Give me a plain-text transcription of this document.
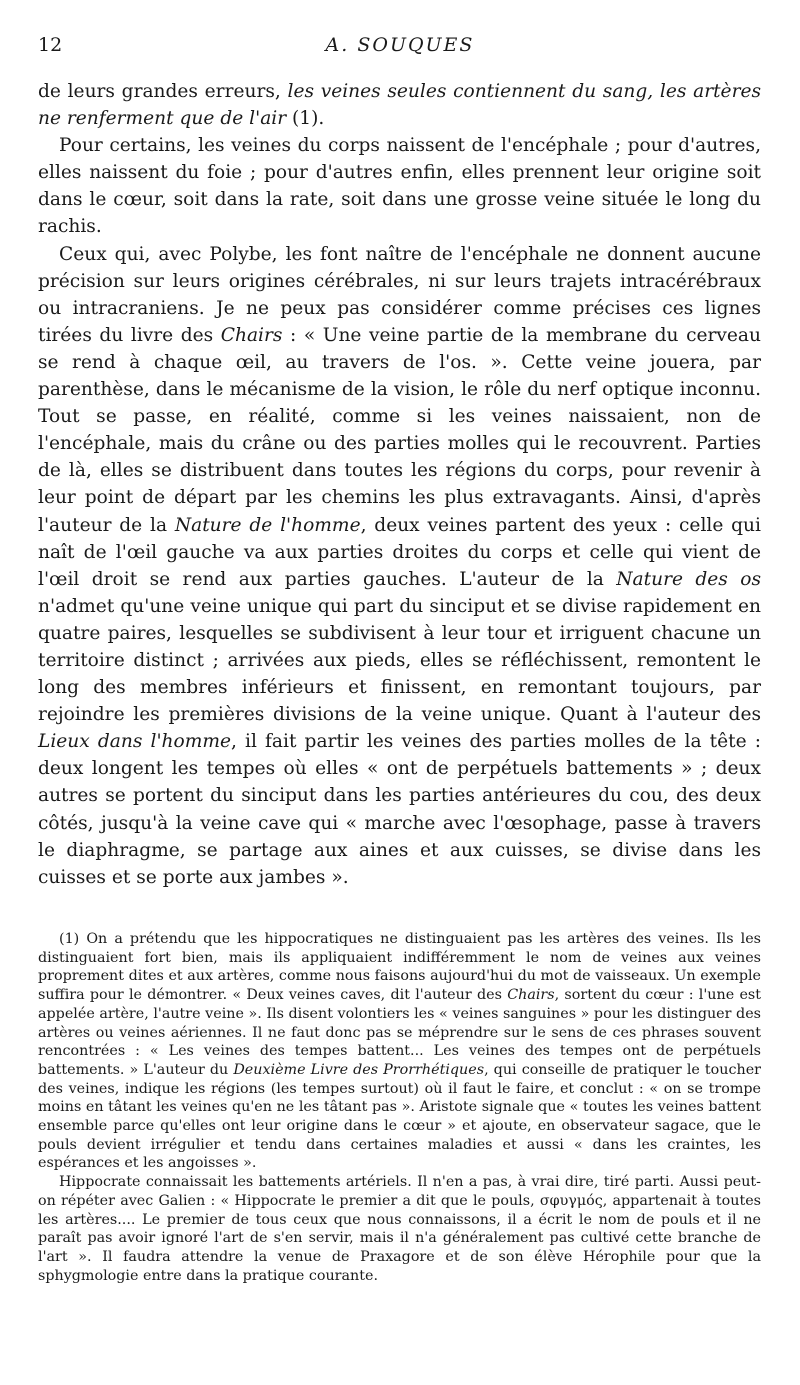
12	A. SOUQUES

de leurs grandes erreurs, les veines seules contiennent du sang, les artères ne renferment que de l'air (1).

Pour certains, les veines du corps naissent de l'encéphale ; pour d'autres, elles naissent du foie ; pour d'autres enfin, elles prennent leur origine soit dans le cœur, soit dans la rate, soit dans une grosse veine située le long du rachis.

Ceux qui, avec Polybe, les font naître de l'encéphale ne donnent aucune précision sur leurs origines cérébrales, ni sur leurs trajets intracérébraux ou intracraniens. Je ne peux pas considérer comme précises ces lignes tirées du livre des Chairs : « Une veine partie de la membrane du cerveau se rend à chaque œil, au travers de l'os. ». Cette veine jouera, par parenthèse, dans le mécanisme de la vision, le rôle du nerf optique inconnu. Tout se passe, en réalité, comme si les veines naissaient, non de l'encéphale, mais du crâne ou des parties molles qui le recouvrent. Parties de là, elles se distribuent dans toutes les régions du corps, pour revenir à leur point de départ par les chemins les plus extravagants. Ainsi, d'après l'auteur de la Nature de l'homme, deux veines partent des yeux : celle qui naît de l'œil gauche va aux parties droites du corps et celle qui vient de l'œil droit se rend aux parties gauches. L'auteur de la Nature des os n'admet qu'une veine unique qui part du sinciput et se divise rapidement en quatre paires, lesquelles se subdivisent à leur tour et irriguent chacune un territoire distinct ; arrivées aux pieds, elles se réfléchissent, remontent le long des membres inférieurs et finissent, en remontant toujours, par rejoindre les premières divisions de la veine unique. Quant à l'auteur des Lieux dans l'homme, il fait partir les veines des parties molles de la tête : deux longent les tempes où elles « ont de perpétuels battements » ; deux autres se portent du sinciput dans les parties antérieures du cou, des deux côtés, jusqu'à la veine cave qui « marche avec l'œsophage, passe à travers le diaphragme, se partage aux aines et aux cuisses, se divise dans les cuisses et se porte aux jambes ».

(1) On a prétendu que les hippocratiques ne distinguaient pas les artères des veines. Ils les distinguaient fort bien, mais ils appliquaient indifféremment le nom de veines aux veines proprement dites et aux artères, comme nous faisons aujourd'hui du mot de vaisseaux. Un exemple suffira pour le démontrer. « Deux veines caves, dit l'auteur des Chairs, sortent du cœur : l'une est appelée artère, l'autre veine ». Ils disent volontiers les « veines sanguines » pour les distinguer des artères ou veines aériennes. Il ne faut donc pas se méprendre sur le sens de ces phrases souvent rencontrées : « Les veines des tempes battent... Les veines des tempes ont de perpétuels battements. » L'auteur du Deuxième Livre des Prorrhétiques, qui conseille de pratiquer le toucher des veines, indique les régions (les tempes surtout) où il faut le faire, et conclut : « on se trompe moins en tâtant les veines qu'en ne les tâtant pas ». Aristote signale que « toutes les veines battent ensemble parce qu'elles ont leur origine dans le cœur » et ajoute, en observateur sagace, que le pouls devient irrégulier et tendu dans certaines maladies et aussi « dans les craintes, les espérances et les angoisses ».

Hippocrate connaissait les battements artériels. Il n'en a pas, à vrai dire, tiré parti. Aussi peut-on répéter avec Galien : « Hippocrate le premier a dit que le pouls, σφυγμός, appartenait à toutes les artères.... Le premier de tous ceux que nous connaissons, il a écrit le nom de pouls et il ne paraît pas avoir ignoré l'art de s'en servir, mais il n'a généralement pas cultivé cette branche de l'art ». Il faudra attendre la venue de Praxagore et de son élève Hérophile pour que la sphygmologie entre dans la pratique courante.
